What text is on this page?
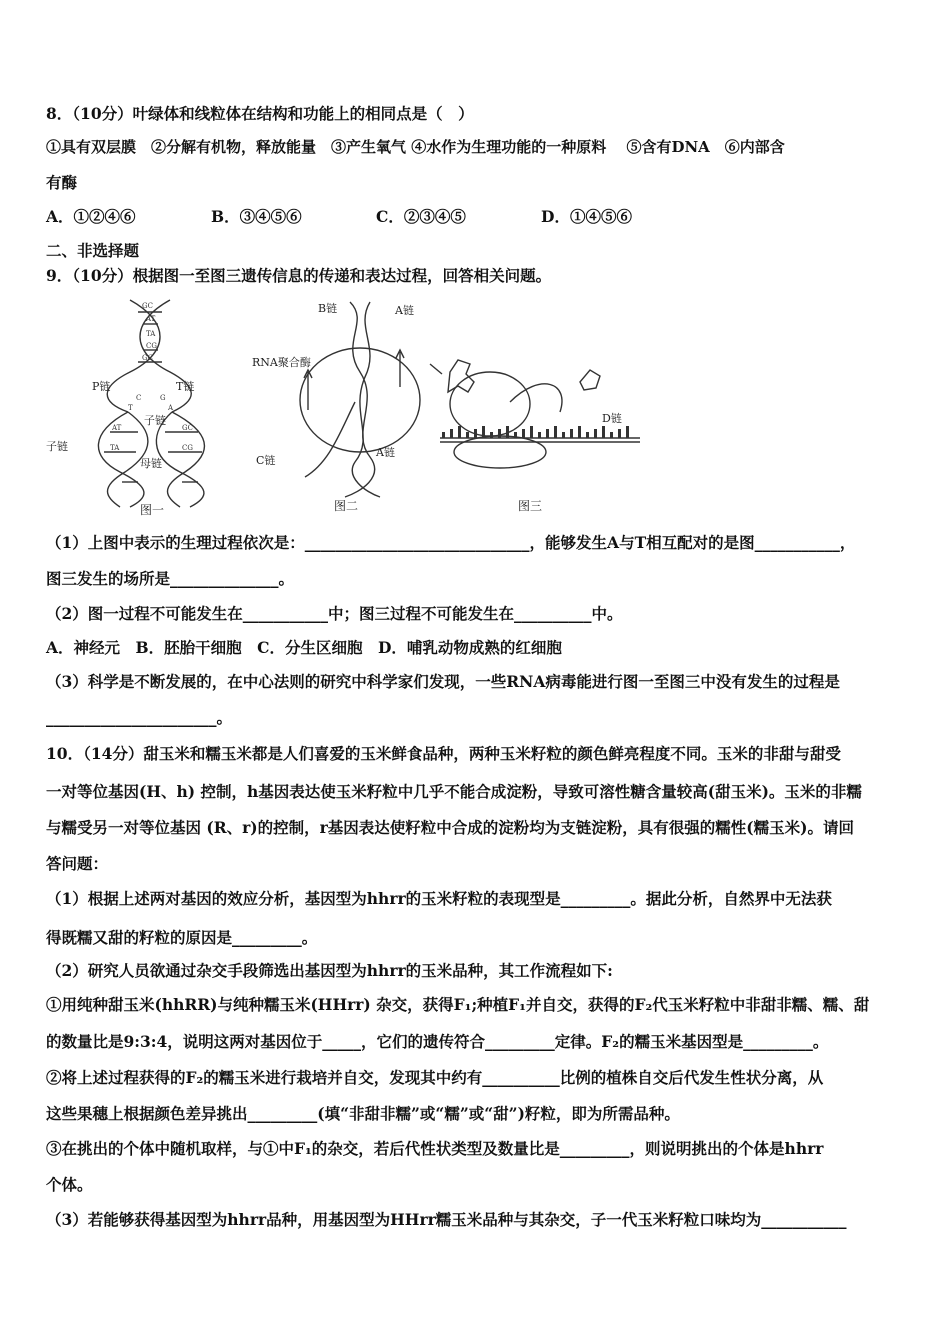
8．（10分）叶绿体和线粒体在结构和功能上的相同点是（　）
①具有双层膜　②分解有机物，释放能量　③产生氧气 ④水作为生理功能的一种原料　 ⑤含有DNA　⑥内部含
有酶
A．①②④⑥	B．③④⑤⑥	C．②③④⑤	D．①④⑤⑥
二、非选择题
9．（10分）根据图一至图三遗传信息的传递和表达过程，回答相关问题。
GC
AT
TA
CG
GC
C	G
T	A
AT	GC
TA	CG
P链	T链
子链
子链
母链
图一
B链	A链
RNA聚合酶
C链
A链
图二
D链
图三
（1）上图中表示的生理过程依次是：_____________________________，能够发生A与T相互配对的是图___________，
图三发生的场所是______________。
（2）图一过程不可能发生在___________中；图三过程不可能发生在__________中。
A．神经元　B．胚胎干细胞　C．分生区细胞　D．哺乳动物成熟的红细胞
（3）科学是不断发展的，在中心法则的研究中科学家们发现，一些RNA病毒能进行图一至图三中没有发生的过程是
______________________。
10．（14分）甜玉米和糯玉米都是人们喜爱的玉米鲜食品种，两种玉米籽粒的颜色鲜亮程度不同。玉米的非甜与甜受
一对等位基因(H、h) 控制，h基因表达使玉米籽粒中几乎不能合成淀粉，导致可溶性糖含量较高(甜玉米)。玉米的非糯
与糯受另一对等位基因 (R、r)的控制，r基因表达使籽粒中合成的淀粉均为支链淀粉，具有很强的糯性(糯玉米)。请回
答问题：
（1）根据上述两对基因的效应分析，基因型为hhrr的玉米籽粒的表现型是_________。据此分析，自然界中无法获
得既糯又甜的籽粒的原因是_________。
（2）研究人员欲通过杂交手段筛选出基因型为hhrr的玉米品种，其工作流程如下:
①用纯种甜玉米(hhRR)与纯种糯玉米(HHrr) 杂交，获得F₁;种植F₁并自交，获得的F₂代玉米籽粒中非甜非糯、糯、甜
的数量比是9:3:4，说明这两对基因位于_____，它们的遗传符合_________定律。F₂的糯玉米基因型是_________。
②将上述过程获得的F₂的糯玉米进行栽培并自交，发现其中约有__________比例的植株自交后代发生性状分离，从
这些果穗上根据颜色差异挑出_________(填“非甜非糯”或“糯”或“甜”)籽粒，即为所需品种。
③在挑出的个体中随机取样，与①中F₁的杂交，若后代性状类型及数量比是_________，则说明挑出的个体是hhrr
个体。
（3）若能够获得基因型为hhrr品种，用基因型为HHrr糯玉米品种与其杂交，子一代玉米籽粒口味均为___________
